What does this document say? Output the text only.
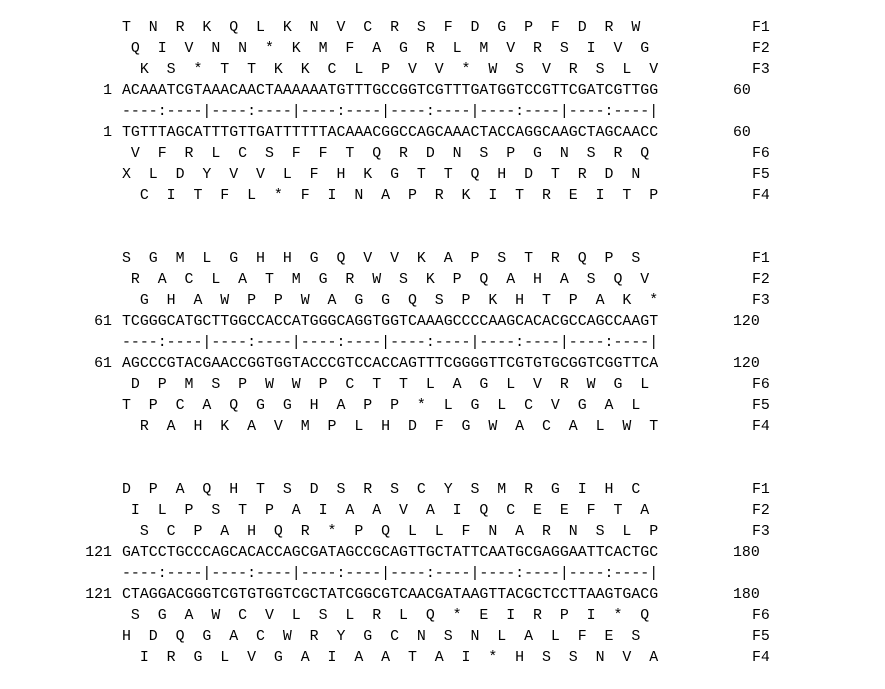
T  N  R  K  Q  L  K  N  V  C  R  S  F  D  G  P  F  D  R  W	F1
Q  I  V  N  N  *  K  M  F  A  G  R  L  M  V  R  S  I  V  G	F2
K  S  *  T  T  K  K  C  L  P  V  V  *  W  S  V  R  S  L  V	F3
1 ACAAATCGTAAACAACTAAAAAATGTTTGCCGGTCGTTTGATGGTCCGTTCGATCGTTGG	60
----:----|----:----|----:----|----:----|----:----|----:----|
1 TGTTTAGCATTTGTTGATTTTTTACAAACGGCCAGCAAACTACCAGGCAAGCTAGCAACC	60
V  F  R  L  C  S  F  F  T  Q  R  D  N  S  P  G  N  S  R  Q	F6
X  L  D  Y  V  V  L  F  H  K  G  T  T  Q  H  D  T  R  D  N	F5
C  I  T  F  L  *  F  I  N  A  P  R  K  I  T  R  E  I  T  P	F4
S  G  M  L  G  H  H  G  Q  V  V  K  A  P  S  T  R  Q  P  S	F1
R  A  C  L  A  T  M  G  R  W  S  K  P  Q  A  H  A  S  Q  V	F2
G  H  A  W  P  P  W  A  G  G  Q  S  P  K  H  T  P  A  K  *	F3
61 TCGGGCATGCTTGGCCACCATGGGCAGGTGGTCAAAGCCCCAAGCACACGCCAGCCAAGT	120
----:----|----:----|----:----|----:----|----:----|----:----|
61 AGCCCGTACGAACCGGTGGTACCCGTCCACCAGTTTCGGGGTTCGTGTGCGGTCGGTTCA	120
D  P  M  S  P  W  W  P  C  T  T  L  A  G  L  V  R  W  G  L	F6
T  P  C  A  Q  G  G  H  A  P  P  *  L  G  L  C  V  G  A  L	F5
R  A  H  K  A  V  M  P  L  H  D  F  G  W  A  C  A  L  W  T	F4
D  P  A  Q  H  T  S  D  S  R  S  C  Y  S  M  R  G  I  H  C	F1
I  L  P  S  T  P  A  I  A  A  V  A  I  Q  C  E  E  F  T  A	F2
S  C  P  A  H  Q  R  *  P  Q  L  L  F  N  A  R  N  S  L  P	F3
121 GATCCTGCCCAGCACACCAGCGATAGCCGCAGTTGCTATTCAATGCGAGGAATTCACTGC	180
----:----|----:----|----:----|----:----|----:----|----:----|
121 CTAGGACGGGTCGTGTGGTCGCTATCGGCGTCAACGATAAGTTACGCTCCTTAAGTGACG	180
S  G  A  W  C  V  L  S  L  R  L  Q  *  E  I  R  P  I  *  Q	F6
H  D  Q  G  A  C  W  R  Y  G  C  N  S  N  L  A  L  F  E  S	F5
I  R  G  L  V  G  A  I  A  A  T  A  I  *  H  S  S  N  V  A	F4
